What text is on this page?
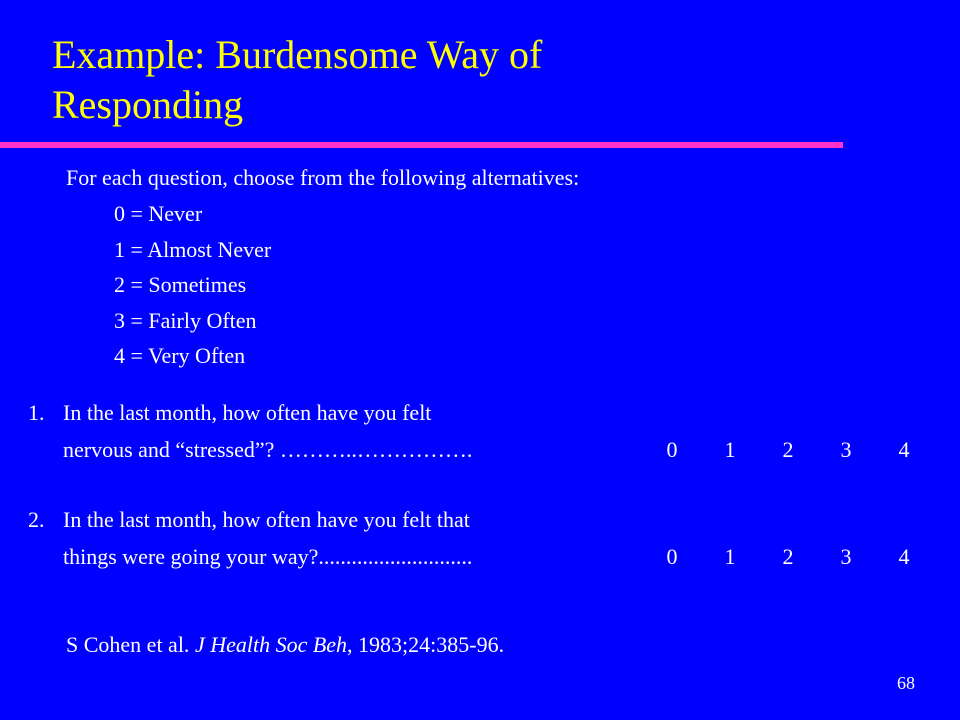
Example: Burdensome Way of
Responding
For each question, choose from the following alternatives:
0 = Never
1 = Almost Never
2 = Sometimes
3 = Fairly Often
4 = Very Often
1. In the last month, how often have you felt
nervous and “stressed”? ………..…………….	0	1	2	3	4
2. In the last month, how often have you felt that
things were going your way?............................	0	1	2	3	4
S Cohen et al. J Health Soc Beh, 1983;24:385-96.
68
